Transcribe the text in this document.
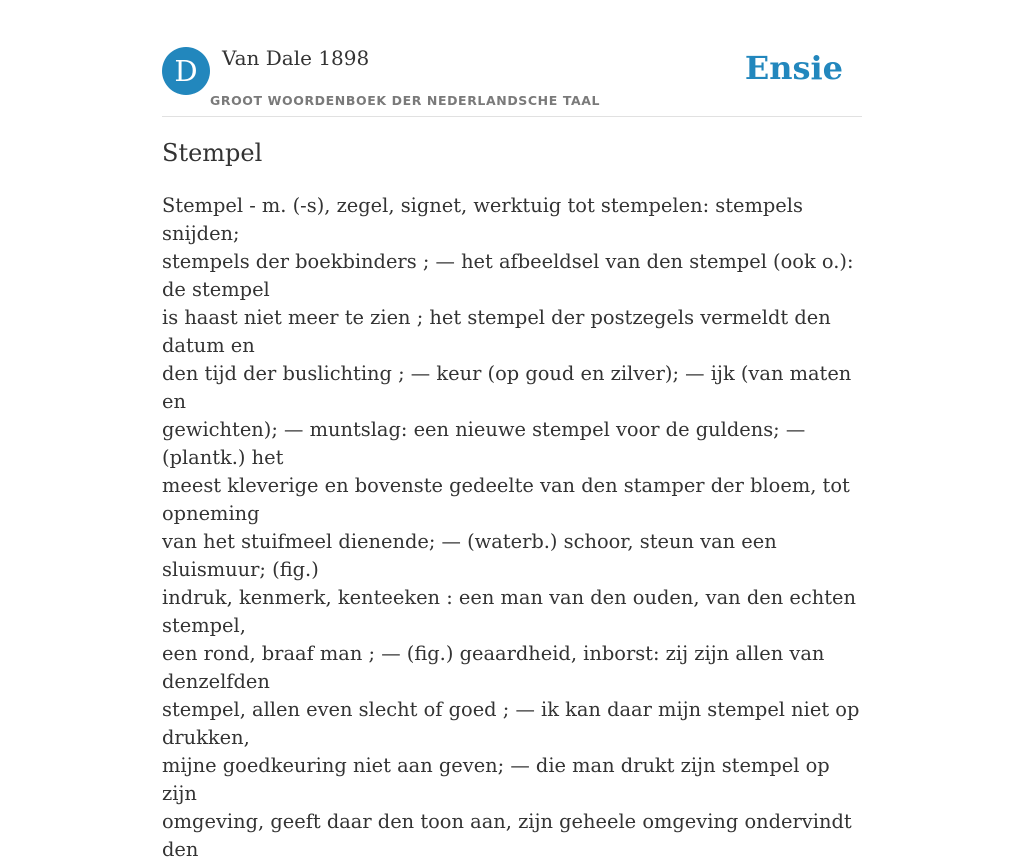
D	Van Dale 1898
GROOT WOORDENBOEK DER NEDERLANDSCHE TAAL
Ensie
Stempel

Stempel - m. (-s), zegel, signet, werktuig tot stempelen: stempels snijden;
stempels der boekbinders ; — het afbeeldsel van den stempel (ook o.): de stempel
is haast niet meer te zien ; het stempel der postzegels vermeldt den datum en
den tijd der buslichting ; — keur (op goud en zilver); — ijk (van maten en
gewichten); — muntslag: een nieuwe stempel voor de guldens; — (plantk.) het
meest kleverige en bovenste gedeelte van den stamper der bloem, tot opneming
van het stuifmeel dienende; — (waterb.) schoor, steun van een sluismuur; (fig.)
indruk, kenmerk, kenteeken : een man van den ouden, van den echten stempel,
een rond, braaf man ; — (fig.) geaardheid, inborst: zij zijn allen van denzelfden
stempel, allen even slecht of goed ; — ik kan daar mijn stempel niet op drukken,
mijne goedkeuring niet aan geven; — die man drukt zijn stempel op zijn
omgeving, geeft daar den toon aan, zijn geheele omgeving ondervindt den
